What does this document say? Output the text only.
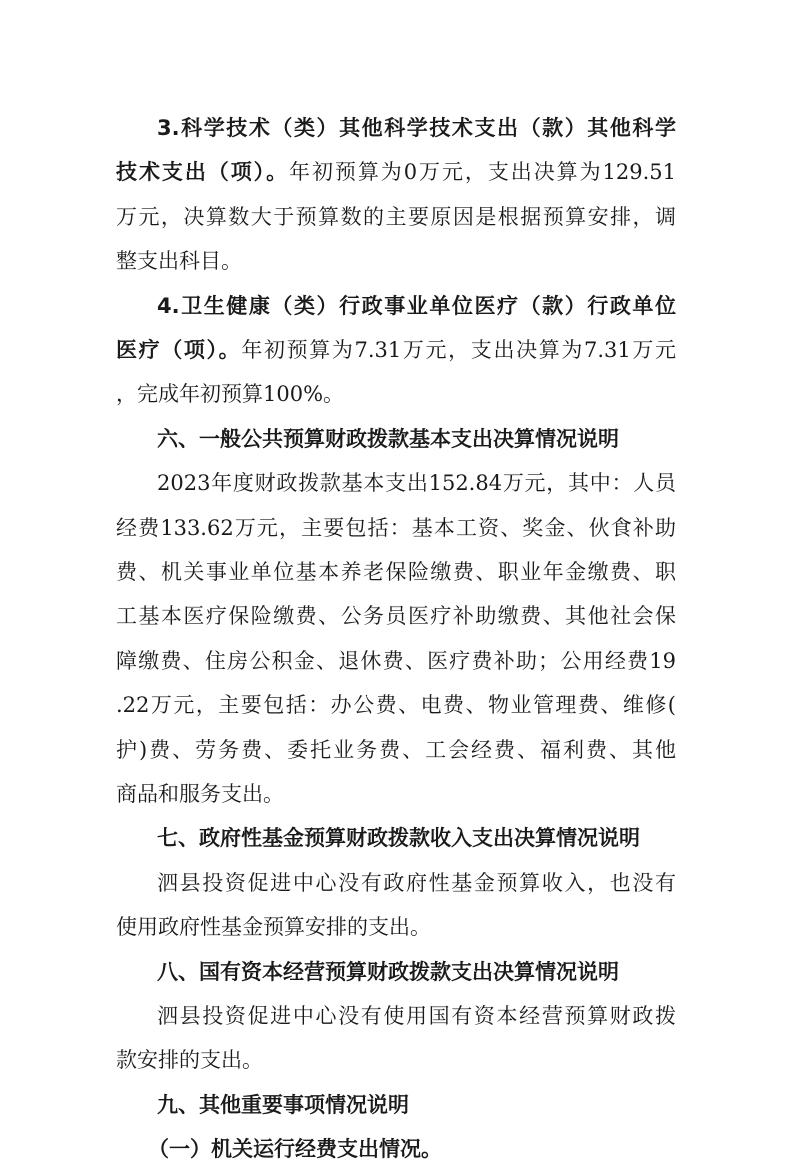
3.科学技术（类）其他科学技术支出（款）其他科学
技术支出（项）。年初预算为0万元，支出决算为129.51
万元，决算数大于预算数的主要原因是根据预算安排，调
整支出科目。
4.卫生健康（类）行政事业单位医疗（款）行政单位
医疗（项）。年初预算为7.31万元，支出决算为7.31万元
，完成年初预算100%。
六、一般公共预算财政拨款基本支出决算情况说明
2023年度财政拨款基本支出152.84万元，其中：人员
经费133.62万元，主要包括：基本工资、奖金、伙食补助
费、机关事业单位基本养老保险缴费、职业年金缴费、职
工基本医疗保险缴费、公务员医疗补助缴费、其他社会保
障缴费、住房公积金、退休费、医疗费补助；公用经费19
.22万元，主要包括：办公费、电费、物业管理费、维修(
护)费、劳务费、委托业务费、工会经费、福利费、其他
商品和服务支出。
七、政府性基金预算财政拨款收入支出决算情况说明
泗县投资促进中心没有政府性基金预算收入，也没有
使用政府性基金预算安排的支出。
八、国有资本经营预算财政拨款支出决算情况说明
泗县投资促进中心没有使用国有资本经营预算财政拨
款安排的支出。
九、其他重要事项情况说明
（一）机关运行经费支出情况。
